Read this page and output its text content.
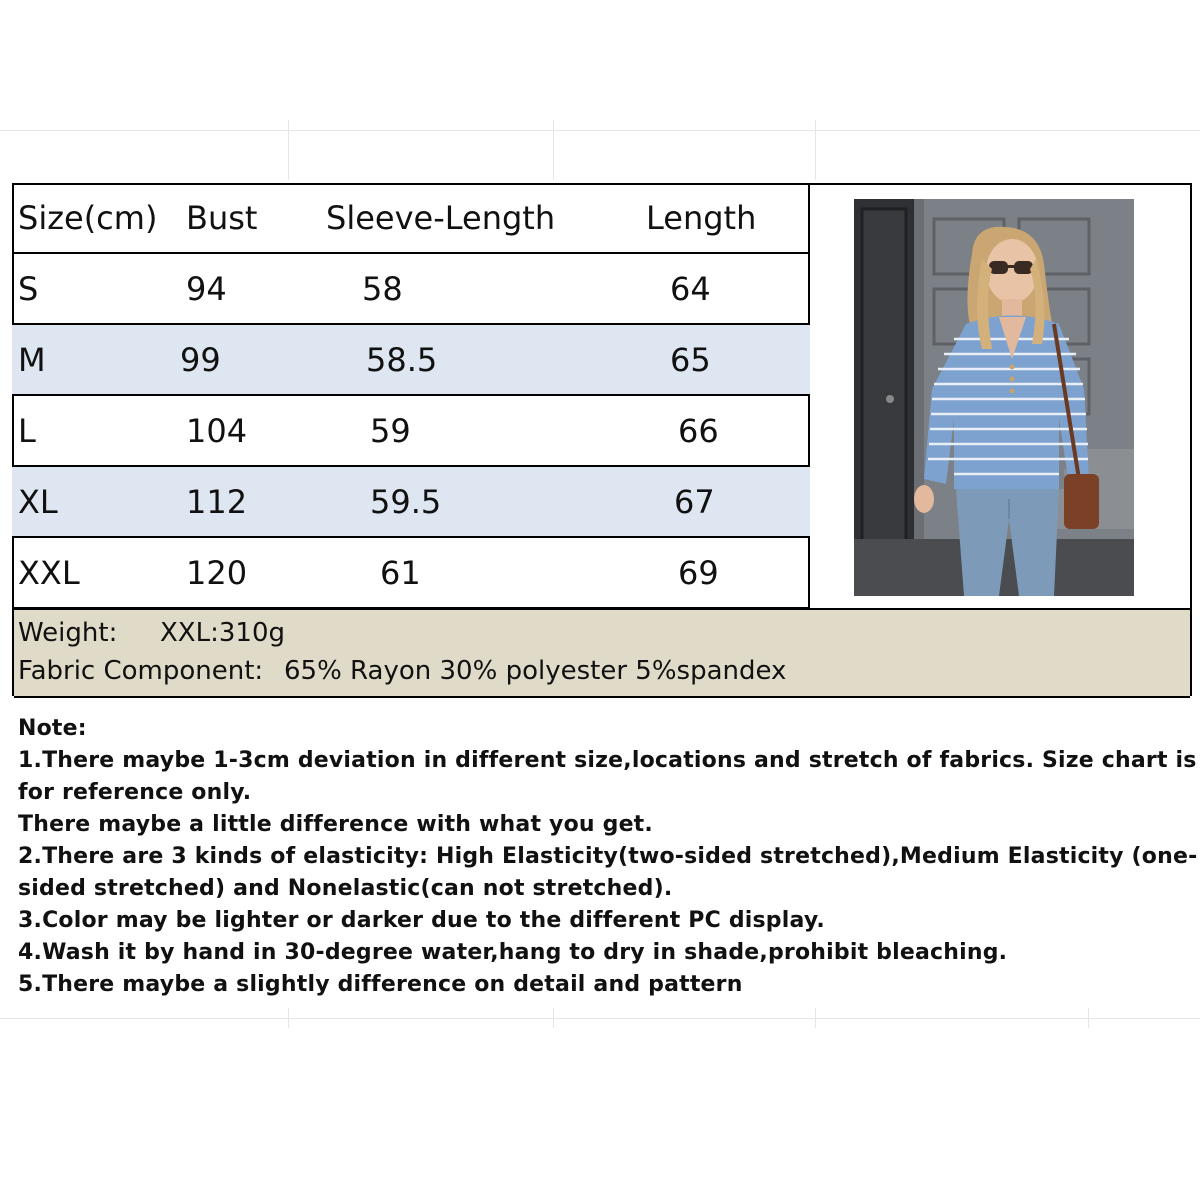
Size(cm)	Bust	Sleeve-Length	Length
S	94	58	64
M	99	58.5	65
L	104	59	66
XL	112	59.5	67
XXL	120	61	69
Weight: XXL:310g
Fabric Component: 65% Rayon 30% polyester 5%spandex
Note:
1.There maybe 1-3cm deviation in different size,locations and stretch of fabrics. Size chart is
for reference only.
There maybe a little difference with what you get.
2.There are 3 kinds of elasticity: High Elasticity(two-sided stretched),Medium Elasticity (one-
sided stretched) and Nonelastic(can not stretched).
3.Color may be lighter or darker due to the different PC display.
4.Wash it by hand in 30-degree water,hang to dry in shade,prohibit bleaching.
5.There maybe a slightly difference on detail and pattern
